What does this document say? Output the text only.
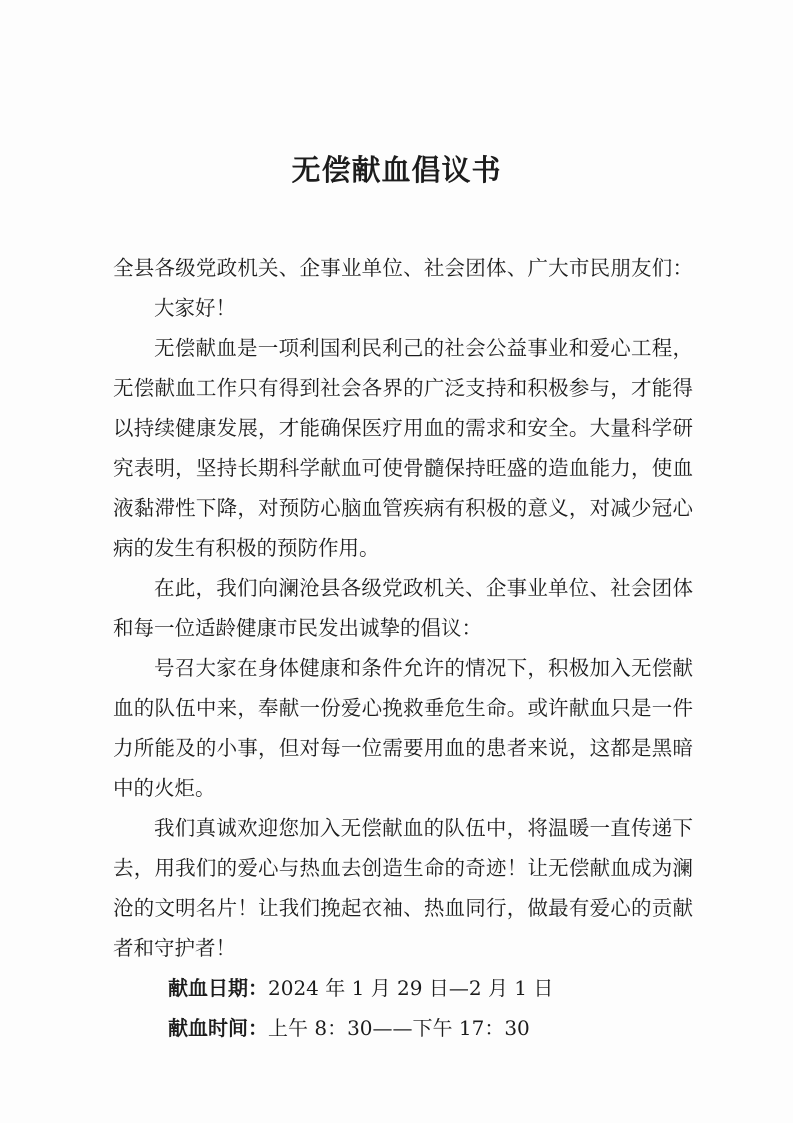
无偿献血倡议书
全县各级党政机关、企事业单位、社会团体、广大市民朋友们：
大家好！
无偿献血是一项利国利民利己的社会公益事业和爱心工程，
无偿献血工作只有得到社会各界的广泛支持和积极参与，才能得
以持续健康发展，才能确保医疗用血的需求和安全。大量科学研
究表明，坚持长期科学献血可使骨髓保持旺盛的造血能力，使血
液黏滞性下降，对预防心脑血管疾病有积极的意义，对减少冠心
病的发生有积极的预防作用。
在此，我们向澜沧县各级党政机关、企事业单位、社会团体
和每一位适龄健康市民发出诚挚的倡议：
号召大家在身体健康和条件允许的情况下，积极加入无偿献
血的队伍中来，奉献一份爱心挽救垂危生命。或许献血只是一件
力所能及的小事，但对每一位需要用血的患者来说，这都是黑暗
中的火炬。
我们真诚欢迎您加入无偿献血的队伍中，将温暖一直传递下
去，用我们的爱心与热血去创造生命的奇迹！让无偿献血成为澜
沧的文明名片！让我们挽起衣袖、热血同行，做最有爱心的贡献
者和守护者！
献血日期：2024 年 1 月 29 日—2 月 1 日
献血时间：上午 8：30——下午 17：30
